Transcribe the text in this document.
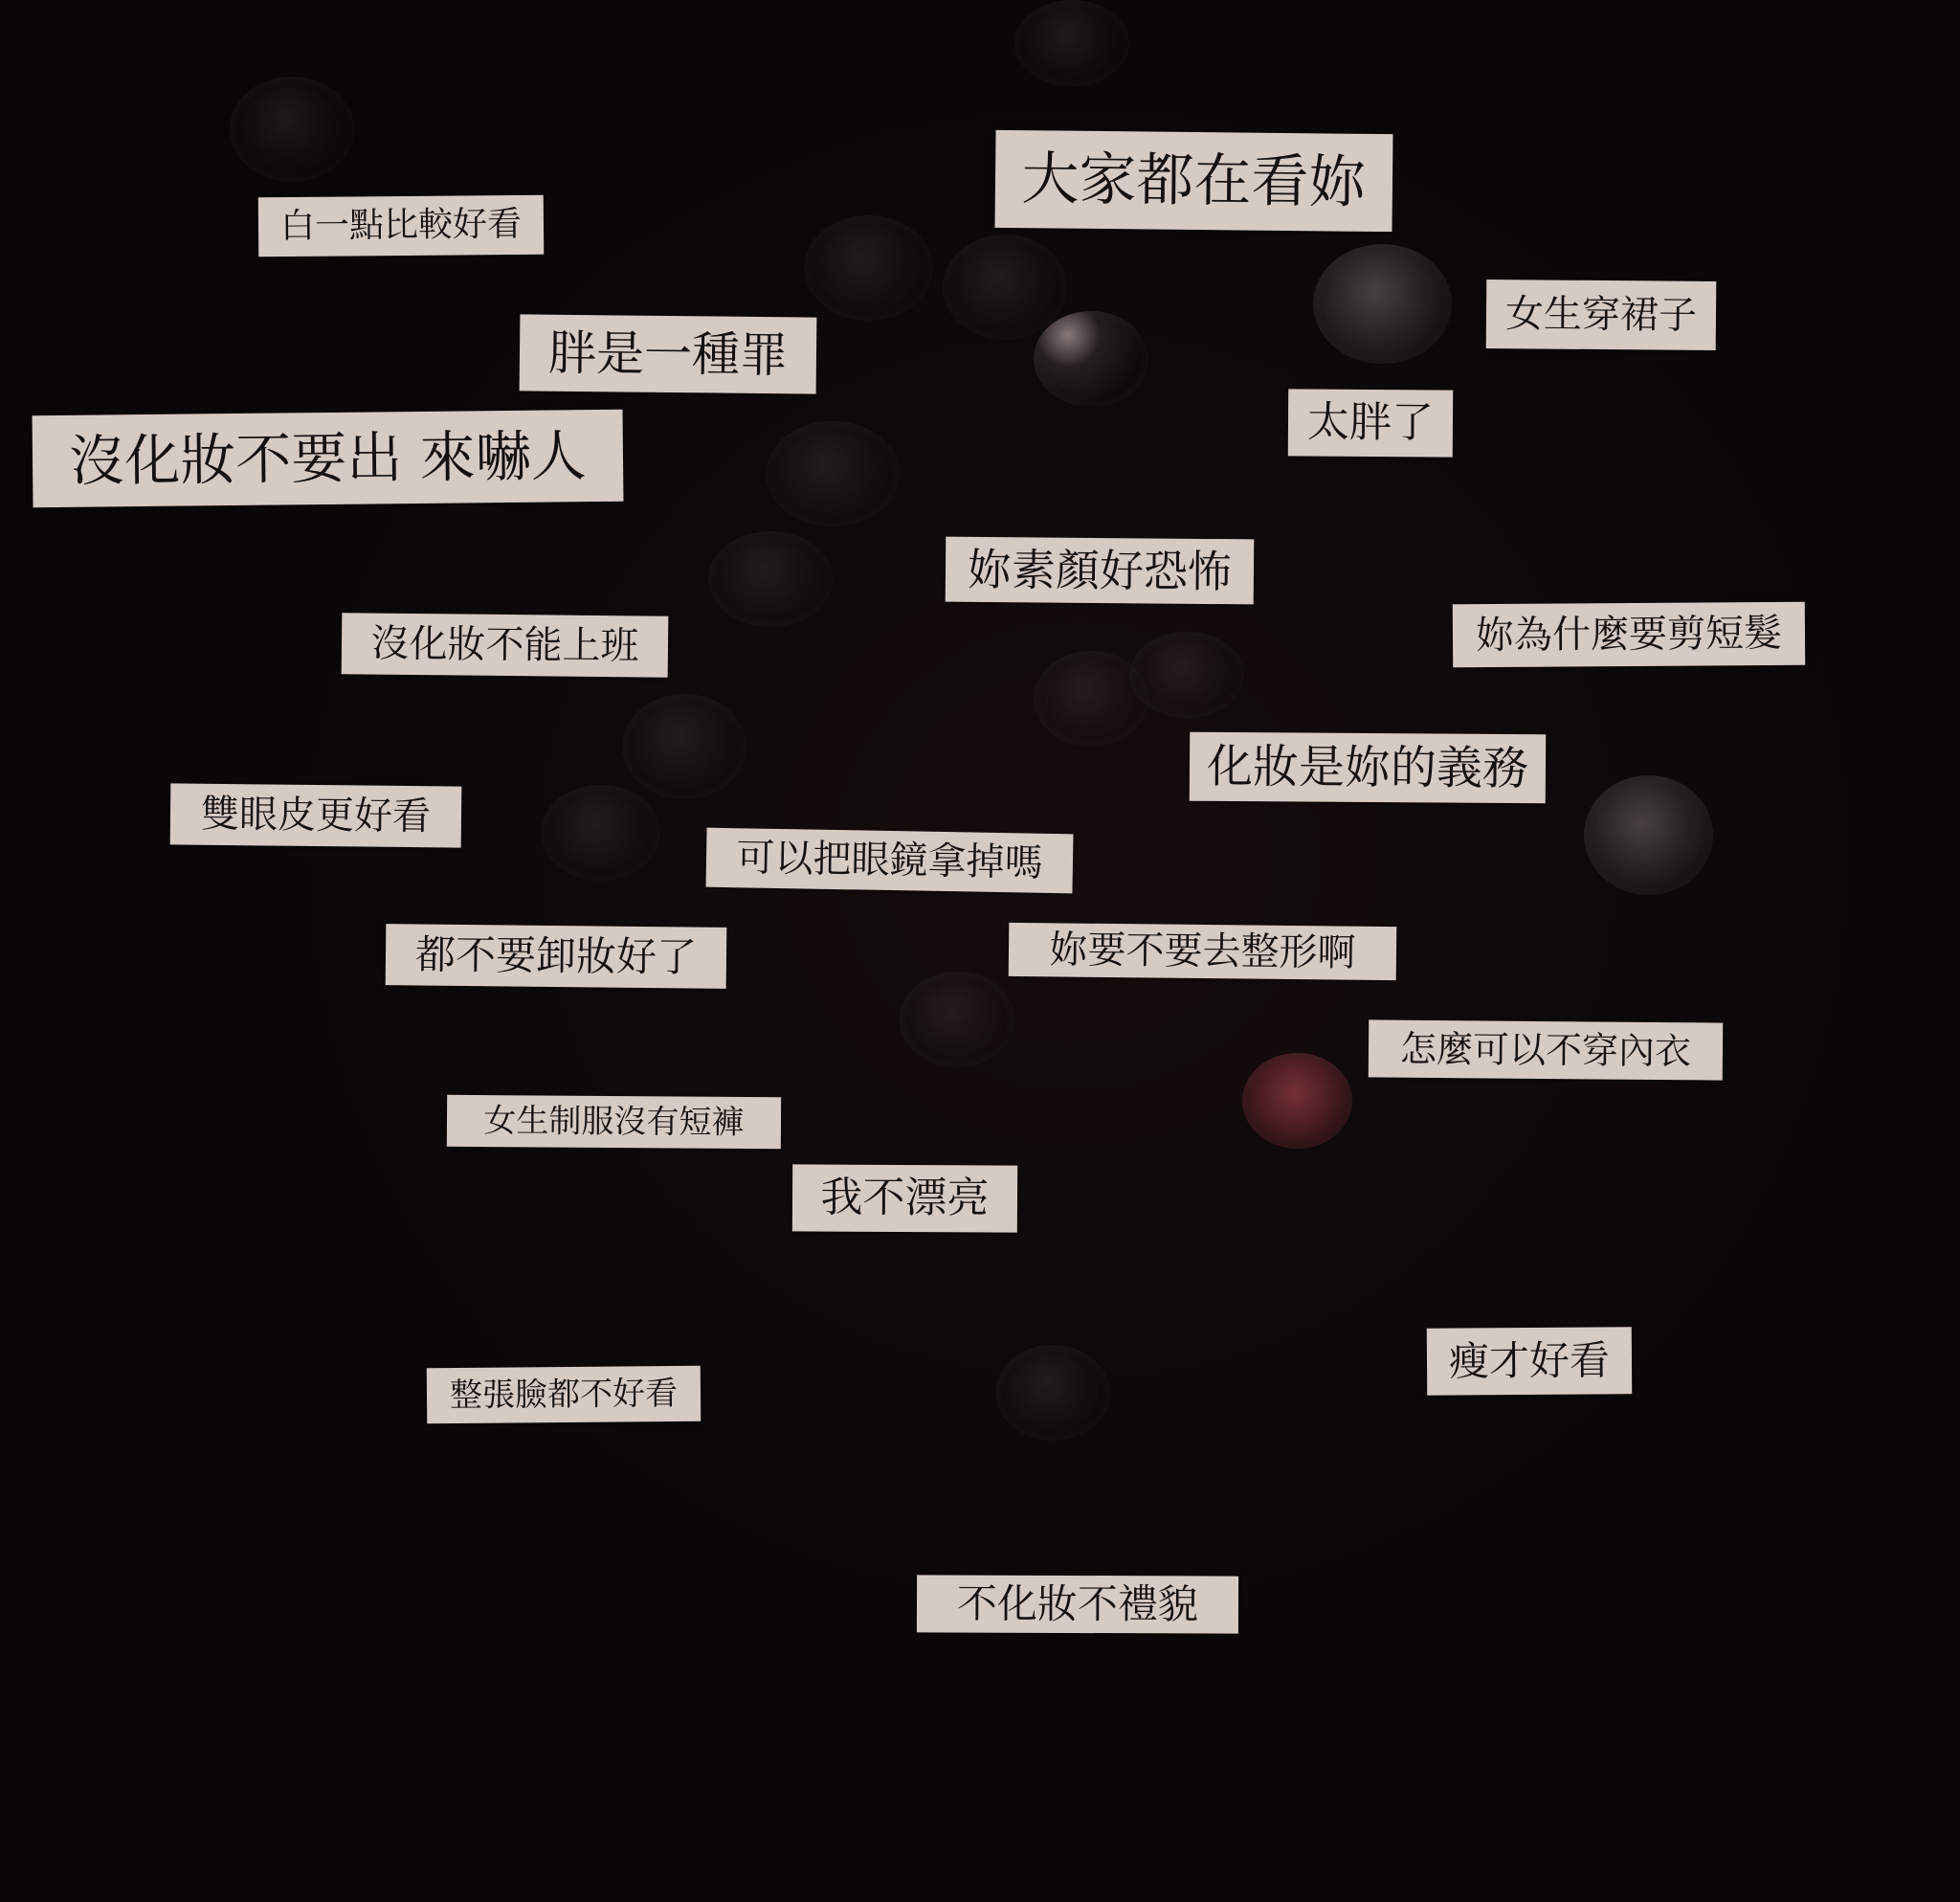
白一點比較好看
大家都在看妳
女生穿裙子
胖是一種罪
太胖了
沒化妝不要出 來嚇人
妳素顏好恐怖
妳為什麼要剪短髮
沒化妝不能上班
化妝是妳的義務
雙眼皮更好看
可以把眼鏡拿掉嗎
都不要卸妝好了	妳要不要去整形啊
怎麼可以不穿內衣
女生制服沒有短褲
我不漂亮
瘦才好看
整張臉都不好看
不化妝不禮貌
